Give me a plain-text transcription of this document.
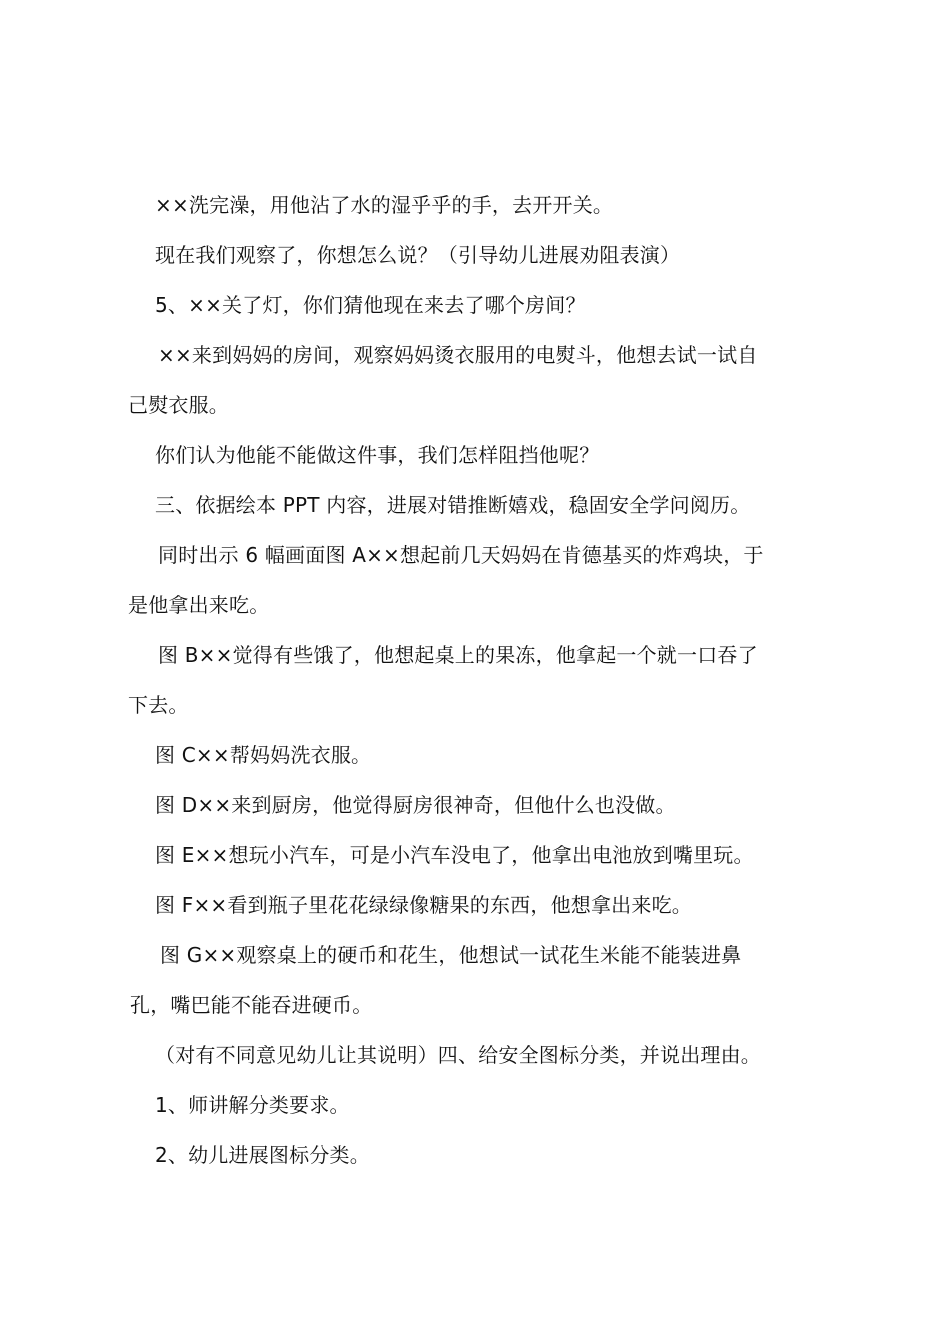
××洗完澡，用他沾了水的湿乎乎的手，去开开关。
现在我们观察了，你想怎么说？（引导幼儿进展劝阻表演）
5、××关了灯，你们猜他现在来去了哪个房间？
××来到妈妈的房间，观察妈妈烫衣服用的电熨斗，他想去试一试自
己熨衣服。
你们认为他能不能做这件事，我们怎样阻挡他呢？
三、依据绘本 PPT 内容，进展对错推断嬉戏，稳固安全学问阅历。
同时出示 6 幅画面图 A××想起前几天妈妈在肯德基买的炸鸡块，于
是他拿出来吃。
图 B××觉得有些饿了，他想起桌上的果冻，他拿起一个就一口吞了
下去。
图 C××帮妈妈洗衣服。
图 D××来到厨房，他觉得厨房很神奇，但他什么也没做。
图 E××想玩小汽车，可是小汽车没电了，他拿出电池放到嘴里玩。
图 F××看到瓶子里花花绿绿像糖果的东西，他想拿出来吃。
图 G××观察桌上的硬币和花生，他想试一试花生米能不能装进鼻
孔，嘴巴能不能吞进硬币。
（对有不同意见幼儿让其说明）四、给安全图标分类，并说出理由。
1、师讲解分类要求。
2、幼儿进展图标分类。
